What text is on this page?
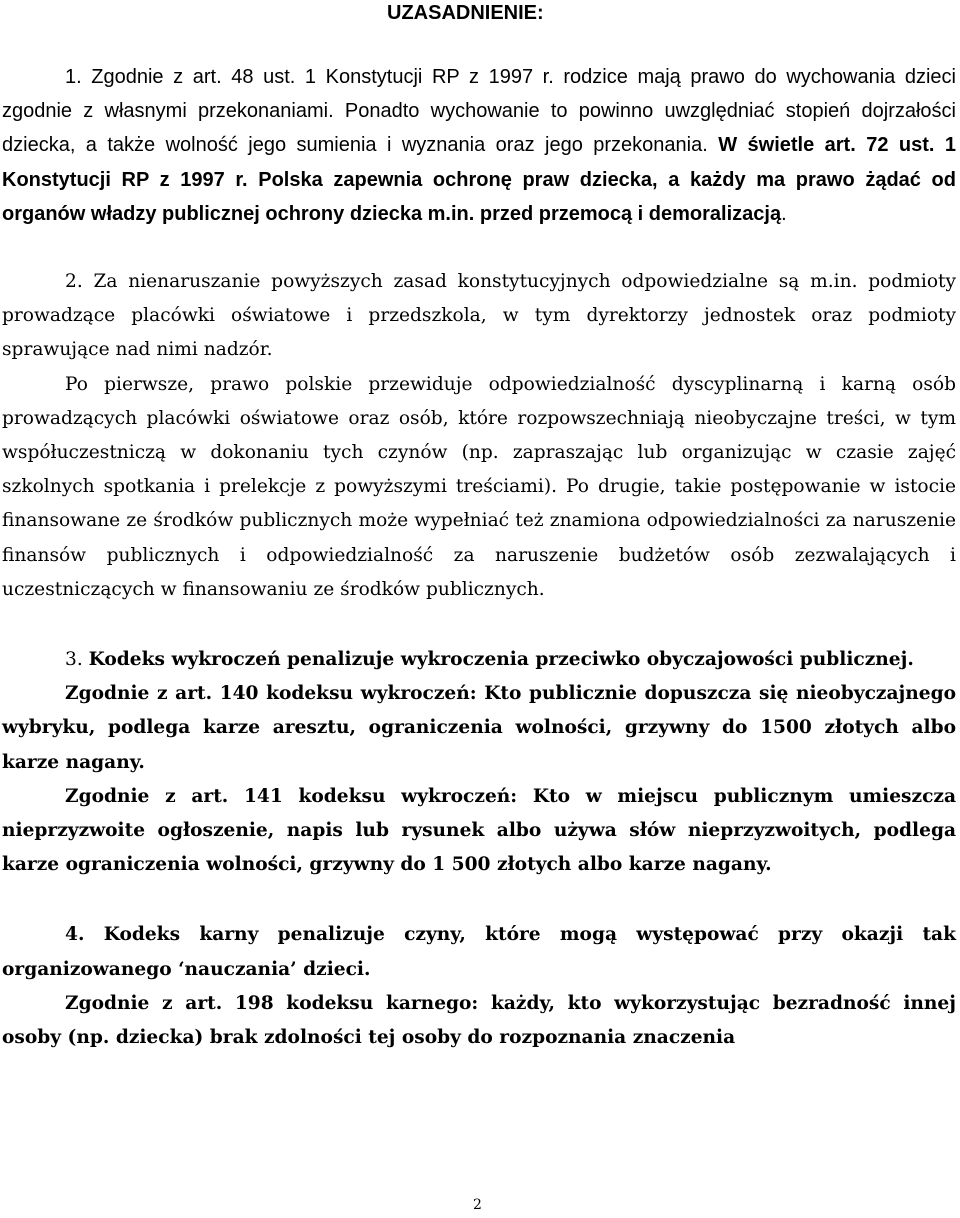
UZASADNIENIE:

1. Zgodnie z art. 48 ust. 1 Konstytucji RP z 1997 r. rodzice mają prawo do wychowania dzieci zgodnie z własnymi przekonaniami. Ponadto wychowanie to powinno uwzględniać stopień dojrzałości dziecka, a także wolność jego sumienia i wyznania oraz jego przekonania. W świetle art. 72 ust. 1 Konstytucji RP z 1997 r. Polska zapewnia ochronę praw dziecka, a każdy ma prawo żądać od organów władzy publicznej ochrony dziecka m.in. przed przemocą i demoralizacją.

2. Za nienaruszanie powyższych zasad konstytucyjnych odpowiedzialne są m.in. podmioty prowadzące placówki oświatowe i przedszkola, w tym dyrektorzy jednostek oraz podmioty sprawujące nad nimi nadzór.

Po pierwsze, prawo polskie przewiduje odpowiedzialność dyscyplinarną i karną osób prowadzących placówki oświatowe oraz osób, które rozpowszechniają nieobyczajne treści, w tym współuczestniczą w dokonaniu tych czynów (np. zapraszając lub organizując w czasie zajęć szkolnych spotkania i prelekcje z powyższymi treściami). Po drugie, takie postępowanie w istocie finansowane ze środków publicznych może wypełniać też znamiona odpowiedzialności za naruszenie finansów publicznych i odpowiedzialność za naruszenie budżetów osób zezwalających i uczestniczących w finansowaniu ze środków publicznych.

3. Kodeks wykroczeń penalizuje wykroczenia przeciwko obyczajowości publicznej.

Zgodnie z art. 140 kodeksu wykroczeń: Kto publicznie dopuszcza się nieobyczajnego wybryku, podlega karze aresztu, ograniczenia wolności, grzywny do 1500 złotych albo karze nagany.

Zgodnie z art. 141 kodeksu wykroczeń: Kto w miejscu publicznym umieszcza nieprzyzwoite ogłoszenie, napis lub rysunek albo używa słów nieprzyzwoitych, podlega karze ograniczenia wolności, grzywny do 1 500 złotych albo karze nagany.

4. Kodeks karny penalizuje czyny, które mogą występować przy okazji tak organizowanego ‘nauczania’ dzieci.

Zgodnie z art. 198 kodeksu karnego: każdy, kto wykorzystując bezradność innej osoby (np. dziecka) brak zdolności tej osoby do rozpoznania znaczenia

2
